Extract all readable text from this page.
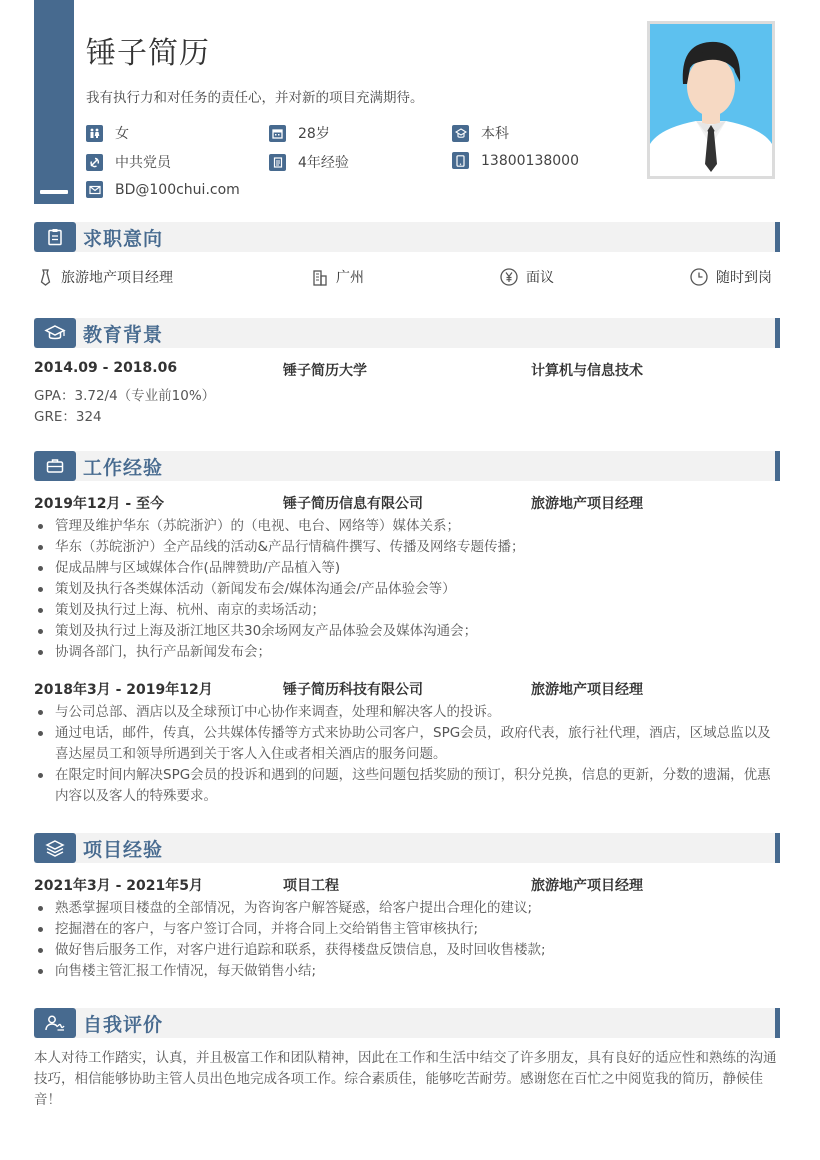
锤子简历
我有执行力和对任务的责任心，并对新的项目充满期待。
女	28岁	本科
中共党员	4年经验	13800138000
BD@100chui.com
求职意向
旅游地产项目经理	广州	面议	随时到岗
教育背景
2014.09 - 2018.06	锤子简历大学	计算机与信息技术
GPA：3.72/4（专业前10%）
GRE：324
工作经验
2019年12月 - 至今	锤子简历信息有限公司	旅游地产项目经理
管理及维护华东（苏皖浙沪）的（电视、电台、网络等）媒体关系；
华东（苏皖浙沪）全产品线的活动&产品行情稿件撰写、传播及网络专题传播；
促成品牌与区域媒体合作(品牌赞助/产品植入等)
策划及执行各类媒体活动（新闻发布会/媒体沟通会/产品体验会等）
策划及执行过上海、杭州、南京的卖场活动；
策划及执行过上海及浙江地区共30余场网友产品体验会及媒体沟通会；
协调各部门，执行产品新闻发布会；
2018年3月 - 2019年12月	锤子简历科技有限公司	旅游地产项目经理
与公司总部、酒店以及全球预订中心协作来调查，处理和解决客人的投诉。
通过电话，邮件，传真，公共媒体传播等方式来协助公司客户，SPG会员，政府代表，旅行社代理，酒店，区域总监以及喜达屋员工和领导所遇到关于客人入住或者相关酒店的服务问题。
在限定时间内解决SPG会员的投诉和遇到的问题，这些问题包括奖励的预订，积分兑换，信息的更新，分数的遗漏，优惠内容以及客人的特殊要求。
项目经验
2021年3月 - 2021年5月	项目工程	旅游地产项目经理
熟悉掌握项目楼盘的全部情况，为咨询客户解答疑惑，给客户提出合理化的建议;
挖掘潜在的客户，与客户签订合同，并将合同上交给销售主管审核执行;
做好售后服务工作，对客户进行追踪和联系，获得楼盘反馈信息，及时回收售楼款;
向售楼主管汇报工作情况，每天做销售小结;
自我评价
本人对待工作踏实，认真，并且极富工作和团队精神，因此在工作和生活中结交了许多朋友，具有良好的适应性和熟练的沟通技巧，相信能够协助主管人员出色地完成各项工作。综合素质佳，能够吃苦耐劳。感谢您在百忙之中阅览我的简历，静候佳音！
